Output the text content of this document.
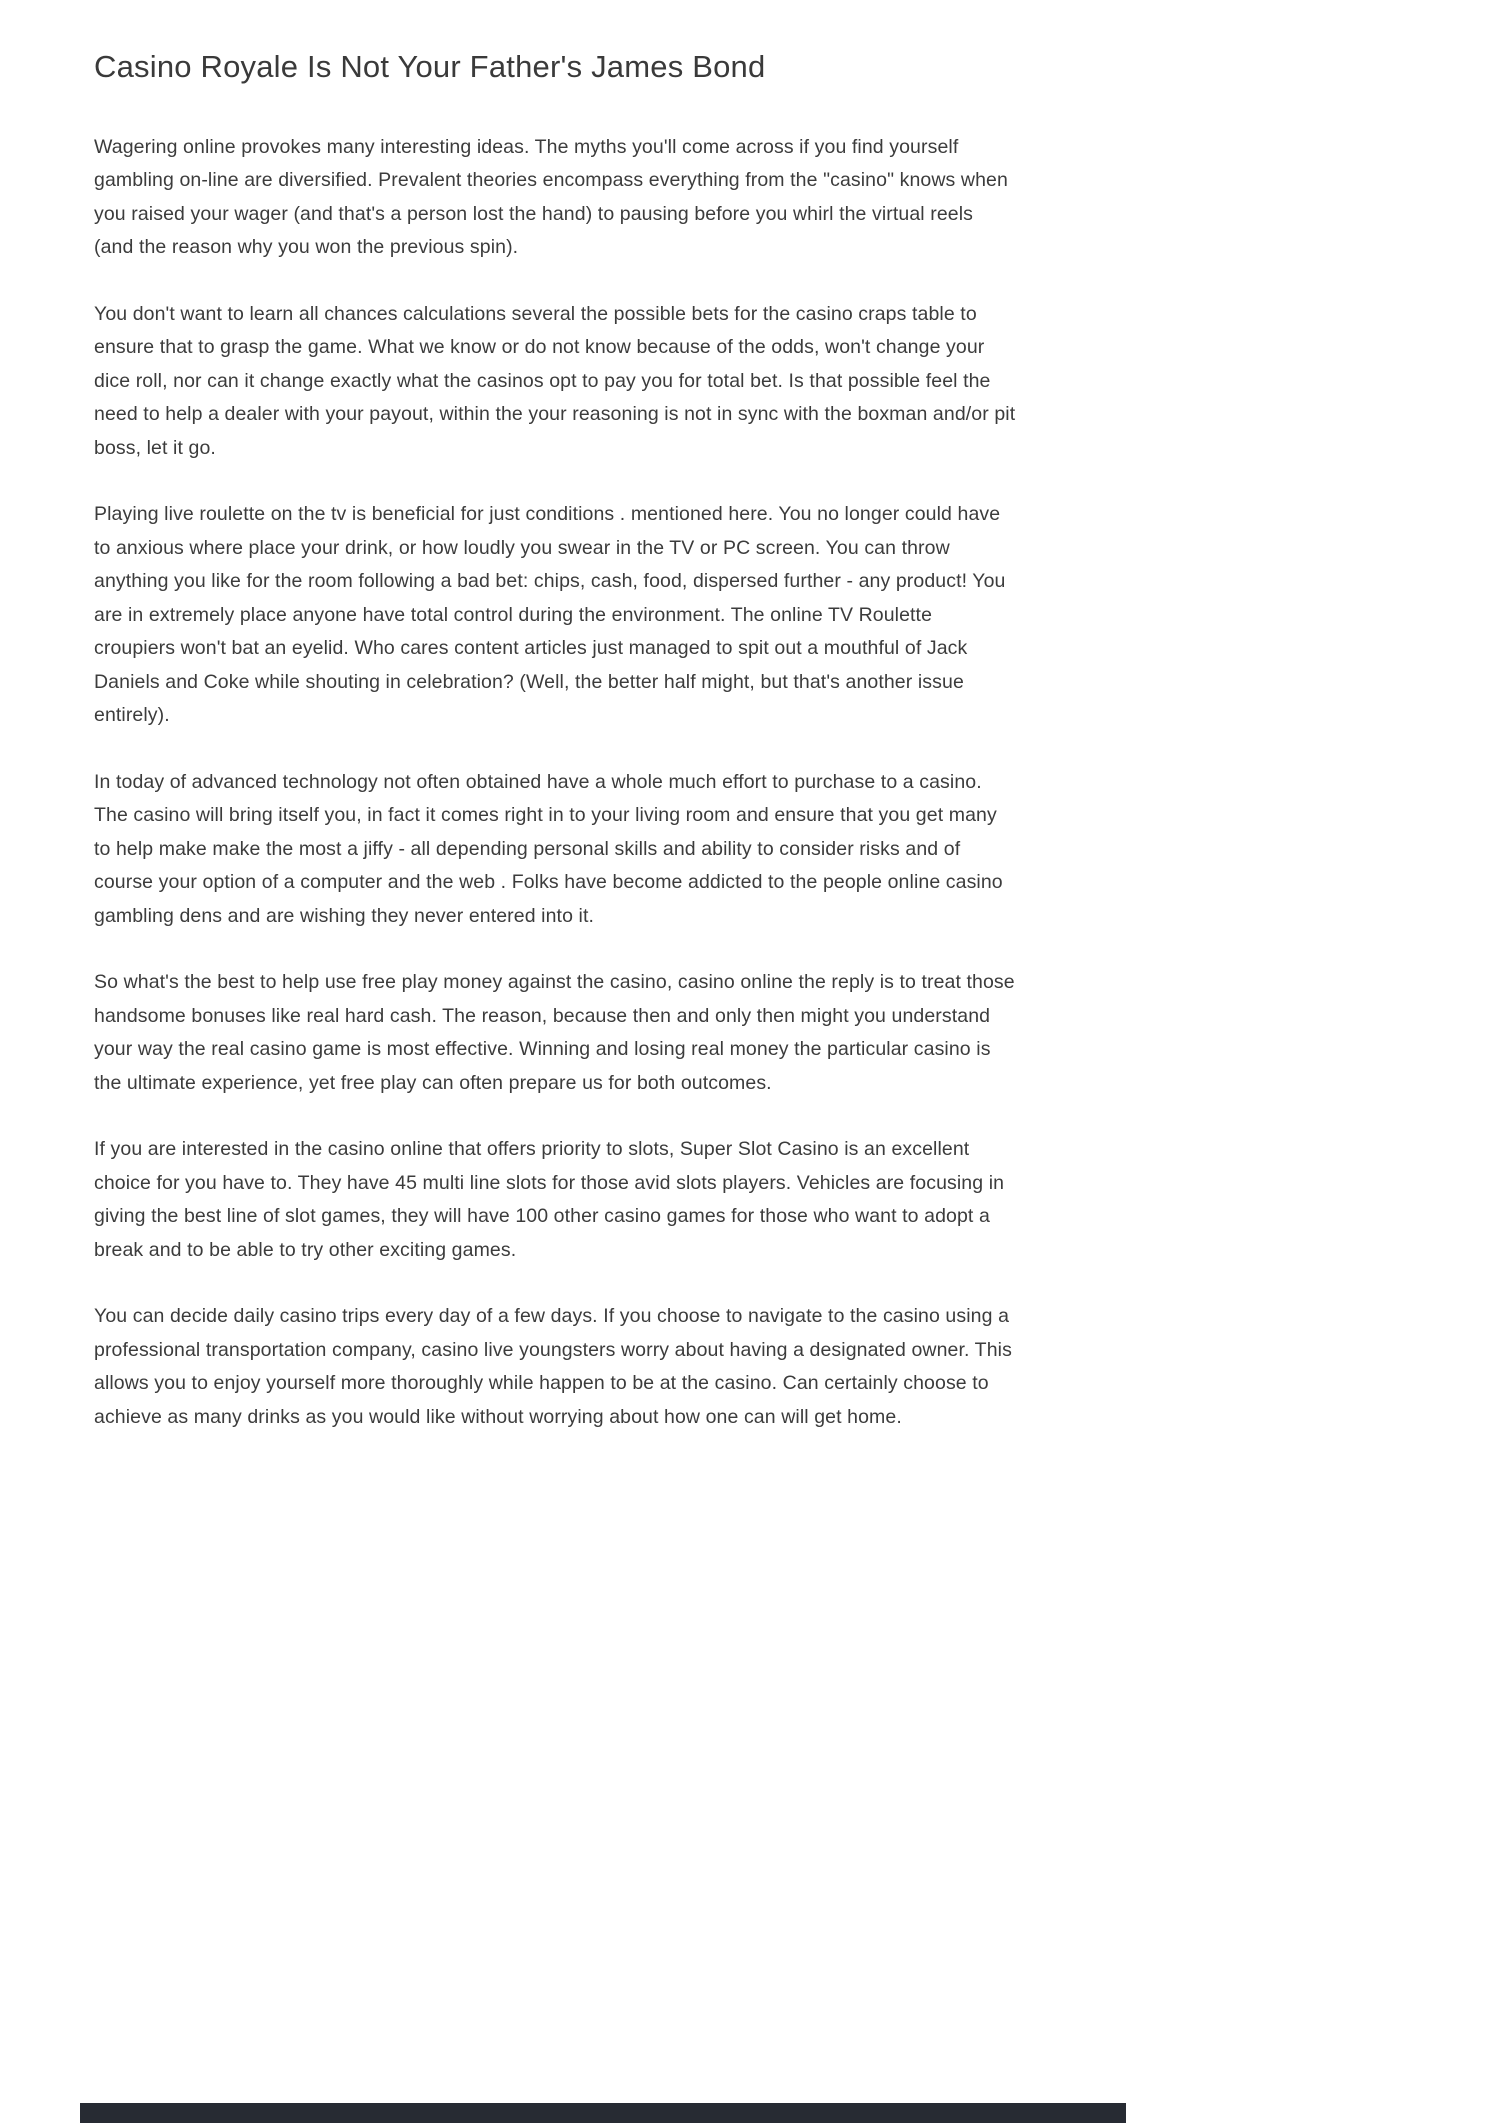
Casino Royale Is Not Your Father's James Bond

Wagering online provokes many interesting ideas. The myths you'll come across if you find yourself gambling on-line are diversified. Prevalent theories encompass everything from the "casino" knows when you raised your wager (and that's a person lost the hand) to pausing before you whirl the virtual reels (and the reason why you won the previous spin).

You don't want to learn all chances calculations several the possible bets for the casino craps table to ensure that to grasp the game. What we know or do not know because of the odds, won't change your dice roll, nor can it change exactly what the casinos opt to pay you for total bet. Is that possible feel the need to help a dealer with your payout, within the your reasoning is not in sync with the boxman and/or pit boss, let it go.

Playing live roulette on the tv is beneficial for just conditions . mentioned here. You no longer could have to anxious where place your drink, or how loudly you swear in the TV or PC screen. You can throw anything you like for the room following a bad bet: chips, cash, food, dispersed further - any product! You are in extremely place anyone have total control during the environment. The online TV Roulette croupiers won't bat an eyelid. Who cares content articles just managed to spit out a mouthful of Jack Daniels and Coke while shouting in celebration? (Well, the better half might, but that's another issue entirely).

In today of advanced technology not often obtained have a whole much effort to purchase to a casino. The casino will bring itself you, in fact it comes right in to your living room and ensure that you get many to help make make the most a jiffy - all depending personal skills and ability to consider risks and of course your option of a computer and the web . Folks have become addicted to the people online casino gambling dens and are wishing they never entered into it.

So what's the best to help use free play money against the casino, casino online the reply is to treat those handsome bonuses like real hard cash. The reason, because then and only then might you understand your way the real casino game is most effective. Winning and losing real money the particular casino is the ultimate experience, yet free play can often prepare us for both outcomes.

If you are interested in the casino online that offers priority to slots, Super Slot Casino is an excellent choice for you have to. They have 45 multi line slots for those avid slots players. Vehicles are focusing in giving the best line of slot games, they will have 100 other casino games for those who want to adopt a break and to be able to try other exciting games.

You can decide daily casino trips every day of a few days. If you choose to navigate to the casino using a professional transportation company, casino live youngsters worry about having a designated owner. This allows you to enjoy yourself more thoroughly while happen to be at the casino. Can certainly choose to achieve as many drinks as you would like without worrying about how one can will get home.
